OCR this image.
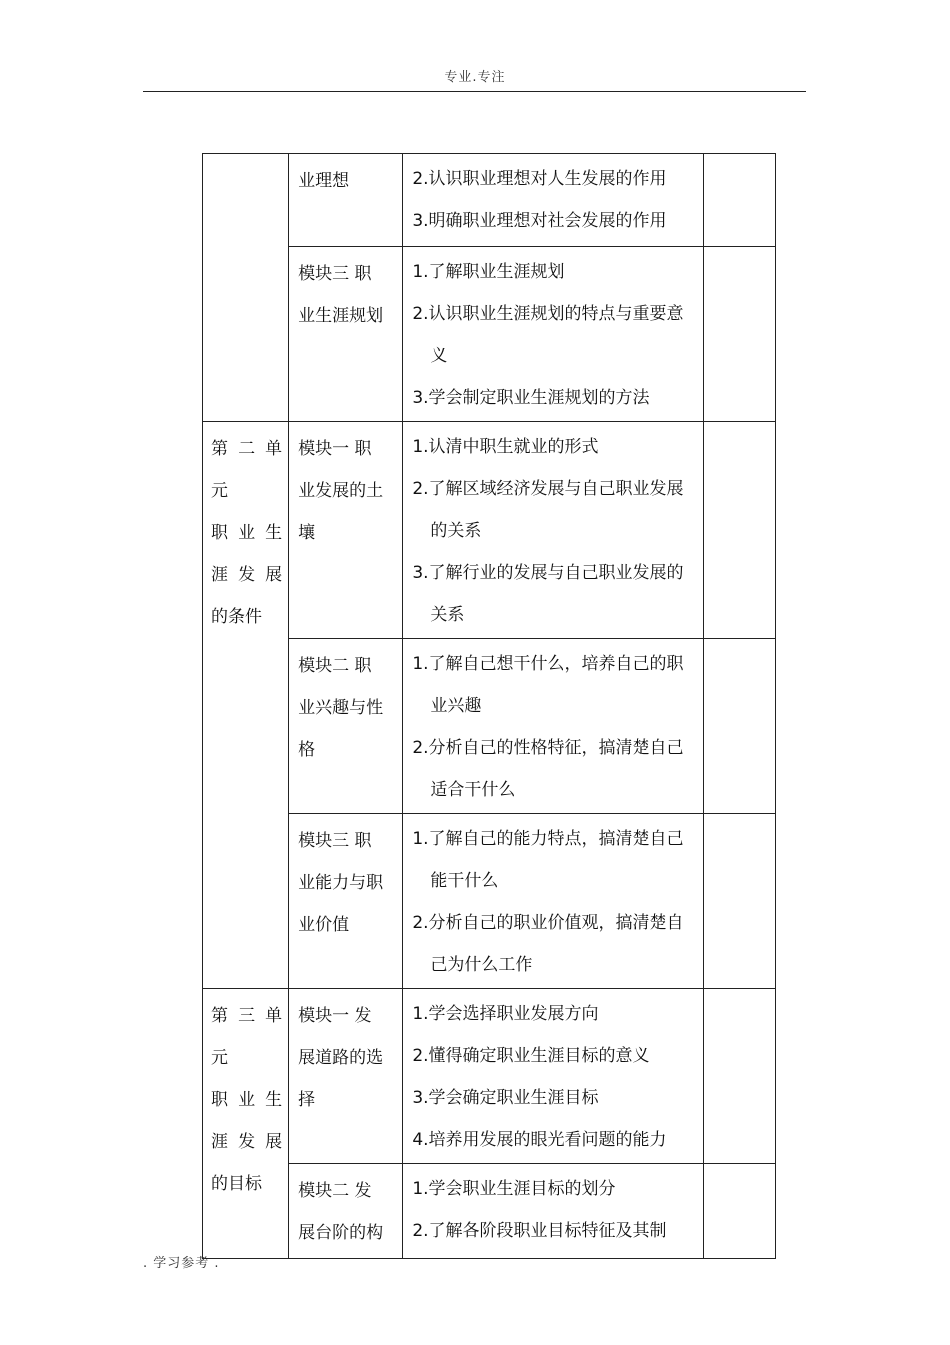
专业.专注

	业理想	2.认识职业理想对人生发展的作用
3.明确职业理想对社会发展的作用	

	模块三 职
业生涯规划	1.了解职业生涯规划
2.认识职业生涯规划的特点与重要意义
3.学会制定职业生涯规划的方法	

第二单
元
职业生
涯发展
的条件	模块一 职
业发展的土
壤	1.认清中职生就业的形式
2.了解区域经济发展与自己职业发展的关系
3.了解行业的发展与自己职业发展的关系	

	模块二 职
业兴趣与性
格	1.了解自己想干什么，培养自己的职业兴趣
2.分析自己的性格特征，搞清楚自己适合干什么	

	模块三 职
业能力与职
业价值	1.了解自己的能力特点，搞清楚自己能干什么
2.分析自己的职业价值观，搞清楚自己为什么工作	

第三单
元
职业生
涯发展
的目标	模块一 发
展道路的选
择	1.学会选择职业发展方向
2.懂得确定职业生涯目标的意义
3.学会确定职业生涯目标
4.培养用发展的眼光看问题的能力	

	模块二 发
展台阶的构	1.学会职业生涯目标的划分
2.了解各阶段职业目标特征及其制	

. 学习参考 .
